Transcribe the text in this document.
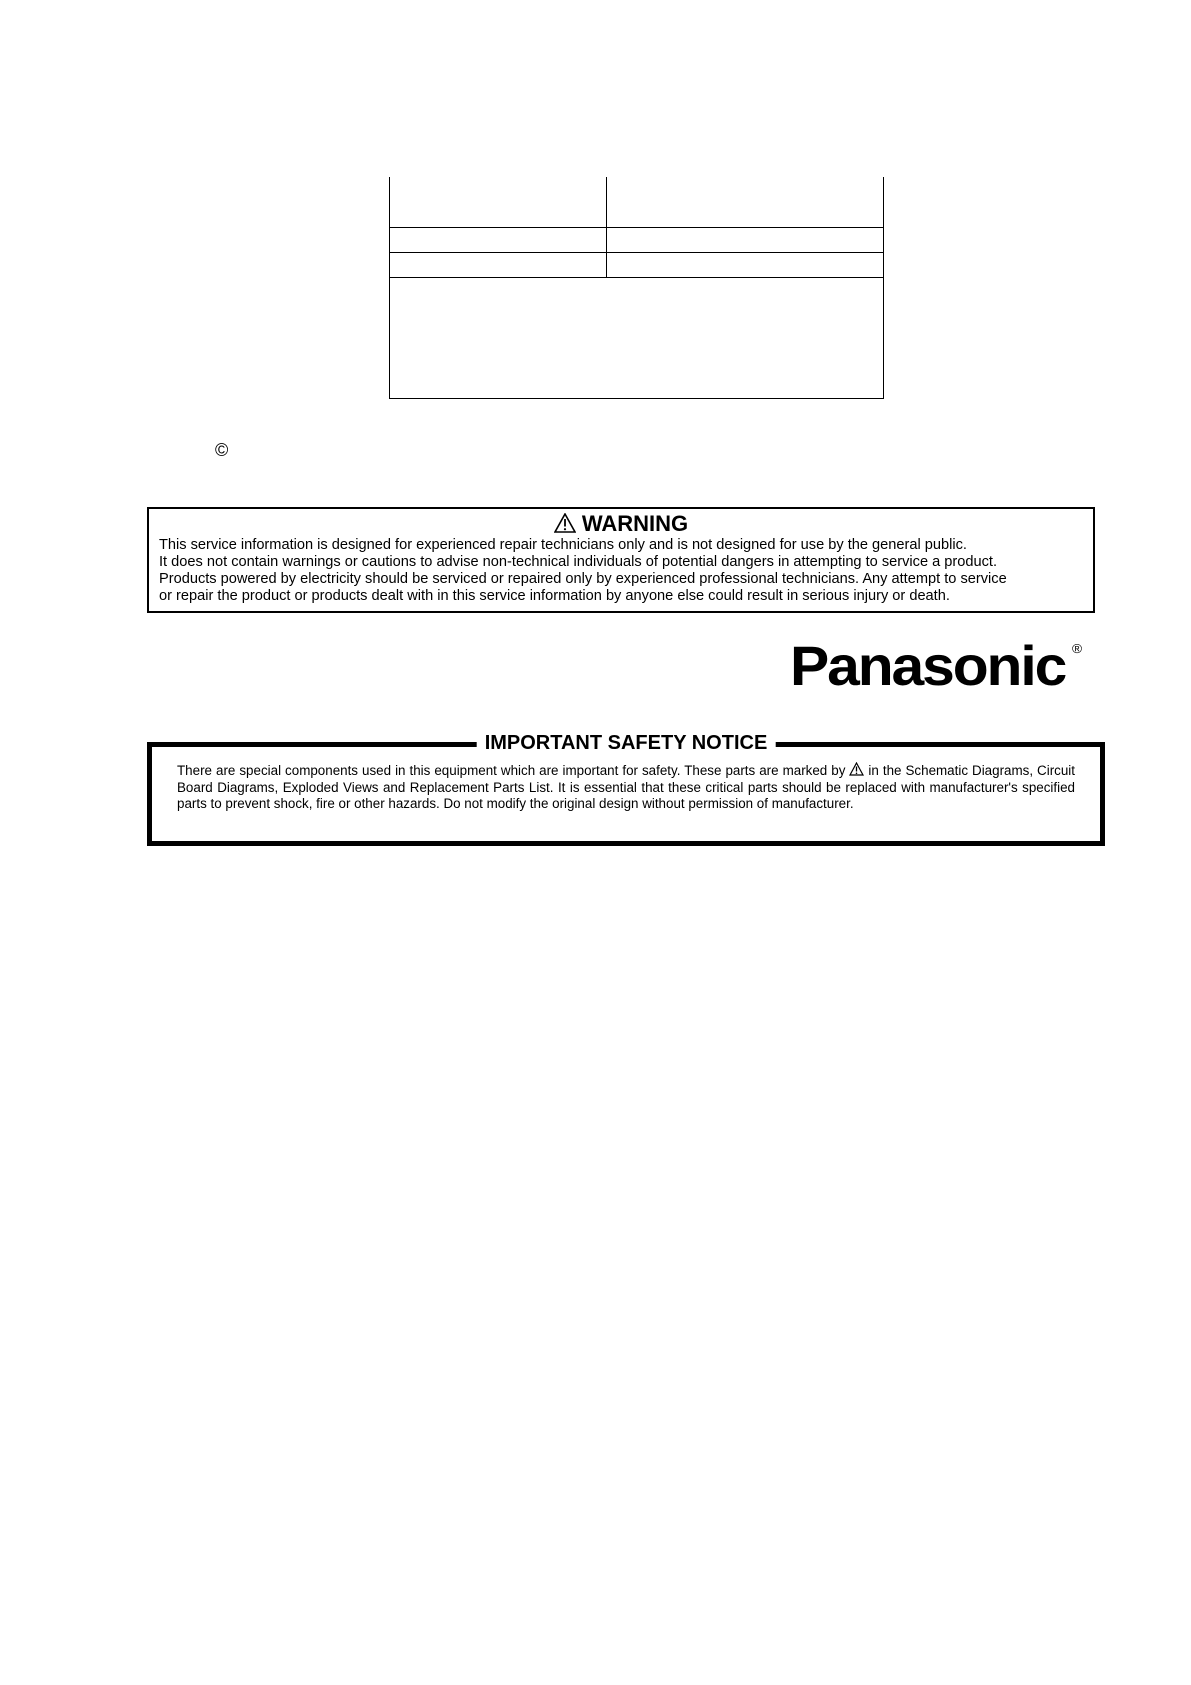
©
WARNING
This service information is designed for experienced repair technicians only and is not designed for use by the general public.
It does not contain warnings or cautions to advise non-technical individuals of potential dangers in attempting to service a product.
Products powered by electricity should be serviced or repaired only by experienced professional technicians. Any attempt to service
or repair the product or products dealt with in this service information by anyone else could result in serious injury or death.
Panasonic ®
IMPORTANT SAFETY NOTICE
There are special components used in this equipment which are important for safety. These parts are marked by  in the Schematic Diagrams, Circuit Board Diagrams, Exploded Views and Replacement Parts List. It is essential that these critical parts should be replaced with manufacturer's specified parts to prevent shock, fire or other hazards. Do not modify the original design without permission of manufacturer.
